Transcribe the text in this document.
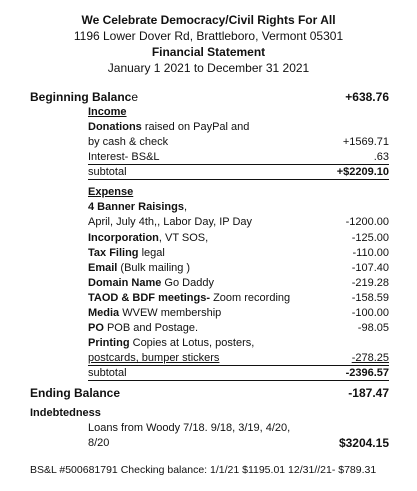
We Celebrate Democracy/Civil Rights For All
1196 Lower Dover Rd, Brattleboro, Vermont 05301
Financial Statement
January 1 2021 to December 31 2021
Beginning Balance	+638.76
Income
Donations raised on PayPal and
by cash & check	+1569.71
Interest- BS&L	.63
subtotal	+$2209.10
Expense
4 Banner Raisings,
April, July 4th,, Labor Day, IP Day	-1200.00
Incorporation, VT SOS,	-125.00
Tax Filing legal	-110.00
Email (Bulk mailing )	-107.40
Domain Name Go Daddy	-219.28
TAOD & BDF meetings- Zoom recording	-158.59
Media WVEW membership	-100.00
PO POB and Postage.	-98.05
Printing Copies at Lotus, posters,
postcards, bumper stickers	-278.25
subtotal	-2396.57
Ending Balance	-187.47
Indebtedness
Loans from Woody 7/18. 9/18, 3/19, 4/20,
8/20	$3204.15
BS&L #500681791 Checking balance: 1/1/21 $1195.01 12/31//21- $789.31
